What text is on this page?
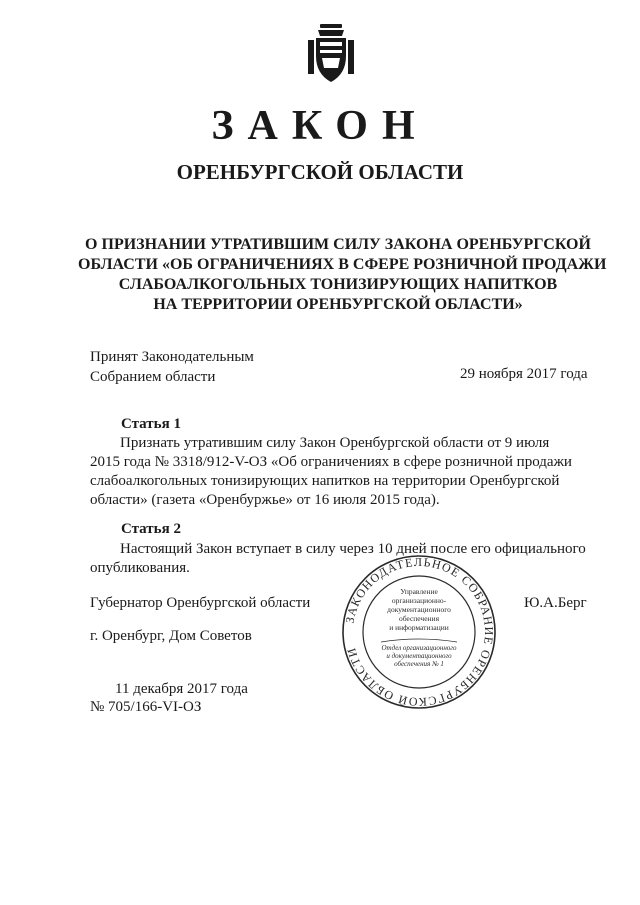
ЗАКОН
ОРЕНБУРГСКОЙ ОБЛАСТИ
О ПРИЗНАНИИ УТРАТИВШИМ СИЛУ ЗАКОНА ОРЕНБУРГСКОЙ
ОБЛАСТИ «ОБ ОГРАНИЧЕНИЯХ В СФЕРЕ РОЗНИЧНОЙ ПРОДАЖИ
СЛАБОАЛКОГОЛЬНЫХ ТОНИЗИРУЮЩИХ НАПИТКОВ
НА ТЕРРИТОРИИ ОРЕНБУРГСКОЙ ОБЛАСТИ»
Принят Законодательным
Собранием области	29 ноября 2017 года
Статья 1
Признать утратившим силу Закон Оренбургской области от 9 июля
2015 года № 3318/912-V-ОЗ «Об ограничениях в сфере розничной продажи
слабоалкогольных тонизирующих напитков на территории Оренбургской
области» (газета «Оренбуржье» от 16 июля 2015 года).
Статья 2
Настоящий Закон вступает в силу через 10 дней после его официального
опубликования.
Губернатор Оренбургской области	Ю.А.Берг
г. Оренбург, Дом Советов
11 декабря 2017 года
№ 705/166-VI-ОЗ
ЗАКОНОДАТЕЛЬНОЕ СОБРАНИЕ ОРЕНБУРГСКОЙ ОБЛАСТИ
Управление
организационно-
документационного
обеспечения
и информатизации
Отдел организационного
и документационного
обеспечения № 1
